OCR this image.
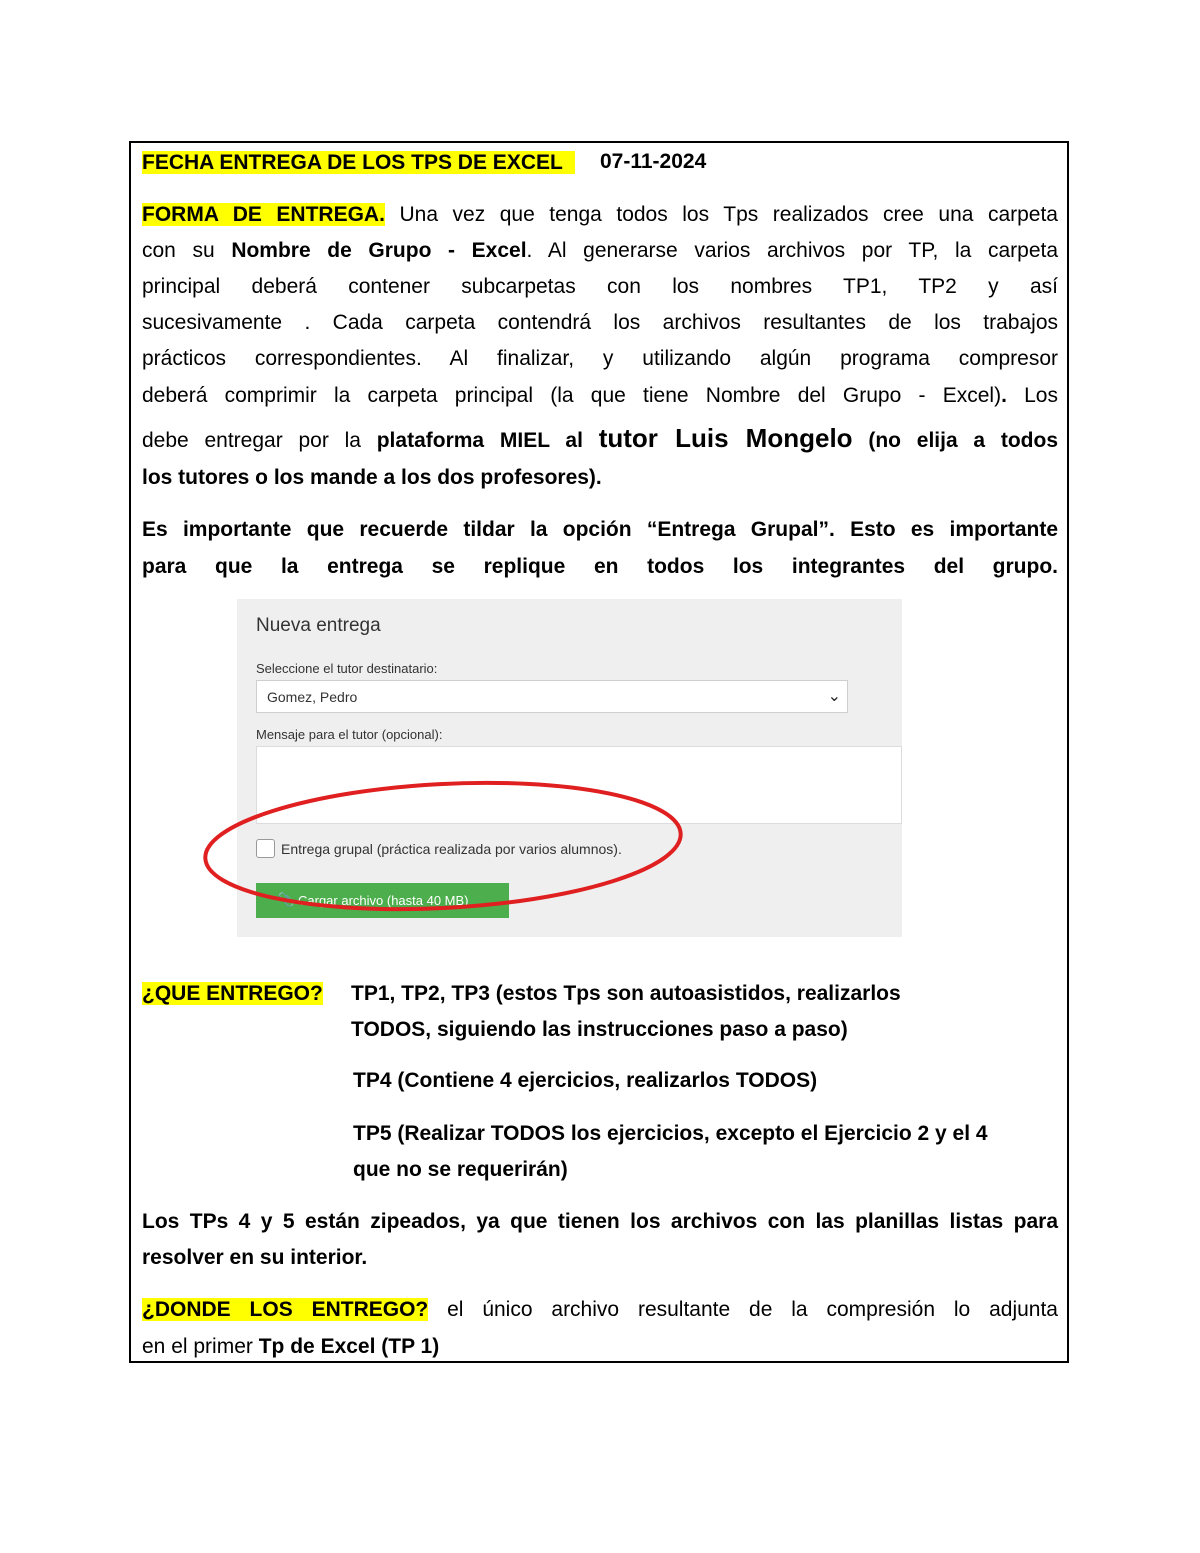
FECHA ENTREGA DE LOS TPS DE EXCEL	07-11-2024
FORMA DE ENTREGA. Una vez que tenga todos los Tps realizados cree una carpeta
con su Nombre de Grupo - Excel. Al generarse varios archivos por TP, la carpeta
principal deberá contener subcarpetas con los nombres TP1, TP2 y así
sucesivamente . Cada carpeta contendrá los archivos resultantes de los trabajos
prácticos correspondientes. Al finalizar, y utilizando algún programa compresor
deberá comprimir la carpeta principal (la que tiene Nombre del Grupo - Excel). Los
debe entregar por la plataforma MIEL al tutor Luis Mongelo (no elija a todos
los tutores o los mande a los dos profesores).
Es importante que recuerde tildar la opción “Entrega Grupal”. Esto es importante
para que la entrega se replique en todos los integrantes del grupo.
Nueva entrega
Seleccione el tutor destinatario:
Gomez, Pedro	⌄
Mensaje para el tutor (opcional):
Entrega grupal (práctica realizada por varios alumnos).
📎 Cargar archivo (hasta 40 MB)
¿QUE ENTREGO? TP1, TP2, TP3 (estos Tps son autoasistidos, realizarlos
TODOS, siguiendo las instrucciones paso a paso)
TP4 (Contiene 4 ejercicios, realizarlos TODOS)
TP5 (Realizar TODOS los ejercicios, excepto el Ejercicio 2 y el 4
que no se requerirán)
Los TPs 4 y 5 están zipeados, ya que tienen los archivos con las planillas listas para
resolver en su interior.
¿DONDE LOS ENTREGO? el único archivo resultante de la compresión lo adjunta
en el primer Tp de Excel (TP 1)
